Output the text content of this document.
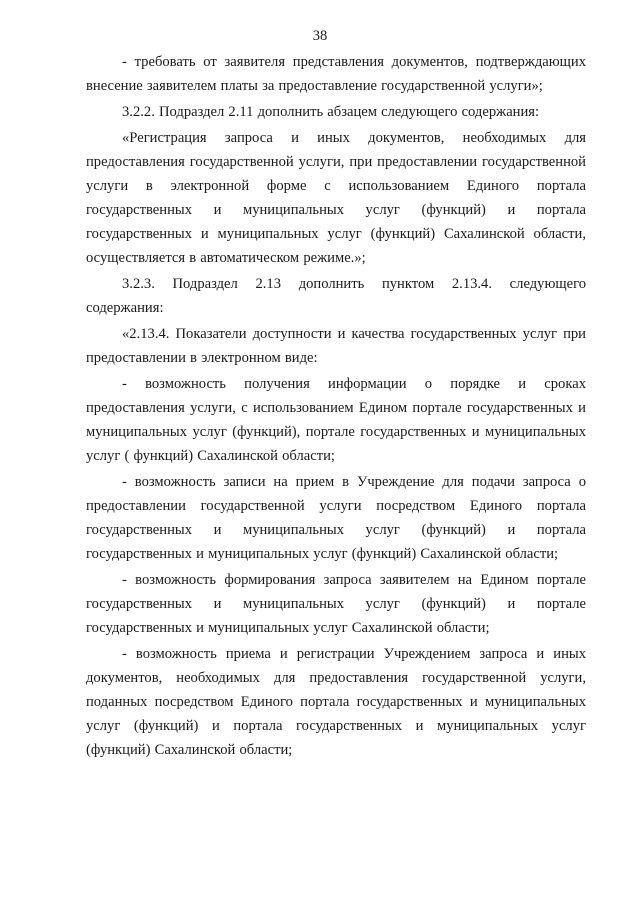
38

- требовать от заявителя представления документов, подтверждающих внесение заявителем платы за предоставление государственной услуги»;

3.2.2. Подраздел 2.11 дополнить абзацем следующего содержания:

«Регистрация запроса и иных документов, необходимых для предоставления государственной услуги, при предоставлении государственной услуги в электронной форме с использованием Единого портала государственных и муниципальных услуг (функций) и портала государственных и муниципальных услуг (функций) Сахалинской области, осуществляется в автоматическом режиме.»;

3.2.3. Подраздел 2.13 дополнить пунктом 2.13.4. следующего содержания:

«2.13.4. Показатели доступности и качества государственных услуг при предоставлении в электронном виде:

- возможность получения информации о порядке и сроках предоставления услуги, с использованием Едином портале государственных и муниципальных услуг (функций), портале государственных и муниципальных услуг ( функций) Сахалинской области;

- возможность записи на прием в Учреждение для подачи запроса о предоставлении государственной услуги посредством Единого портала государственных и муниципальных услуг (функций) и портала государственных и муниципальных услуг (функций) Сахалинской области;

- возможность формирования запроса заявителем на Едином портале государственных и муниципальных услуг (функций) и портале государственных и муниципальных услуг Сахалинской области;

- возможность приема и регистрации Учреждением запроса и иных документов, необходимых для предоставления государственной услуги, поданных посредством Единого портала государственных и муниципальных услуг (функций) и портала государственных и муниципальных услуг (функций) Сахалинской области;
